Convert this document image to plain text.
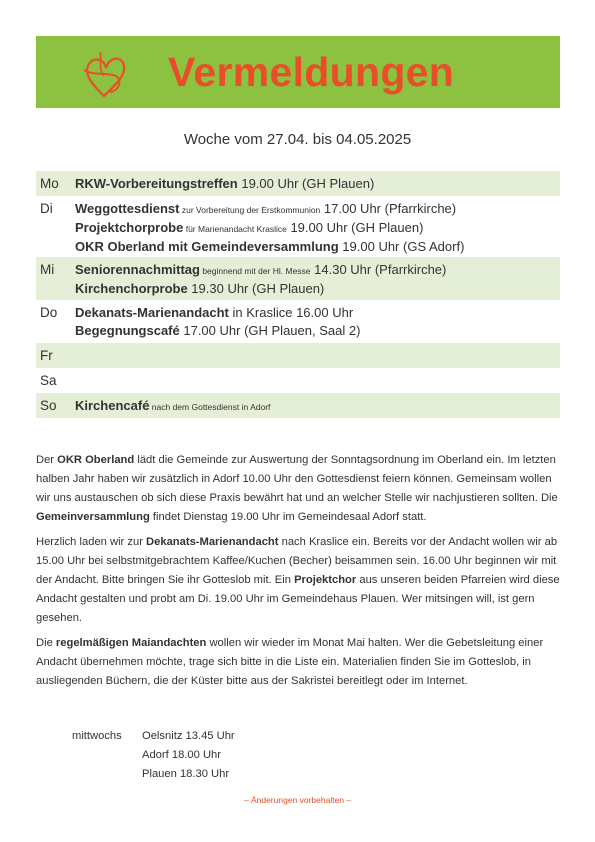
Vermeldungen
Woche vom 27.04. bis 04.05.2025
Mo	RKW-Vorbereitungstreffen 19.00 Uhr (GH Plauen)
Di	Weggottesdienst zur Vorbereitung der Erstkommunion 17.00 Uhr (Pfarrkirche)
Projektchorprobe für Marienandacht Kraslice 19.00 Uhr (GH Plauen)
OKR Oberland mit Gemeindeversammlung 19.00 Uhr (GS Adorf)
Mi	Seniorennachmittag beginnend mit der Hl. Messe 14.30 Uhr (Pfarrkirche)
Kirchenchorprobe 19.30 Uhr (GH Plauen)
Do	Dekanats-Marienandacht in Kraslice 16.00 Uhr
Begegnungscafé 17.00 Uhr (GH Plauen, Saal 2)
Fr
Sa
So	Kirchencafé nach dem Gottesdienst in Adorf

Der OKR Oberland lädt die Gemeinde zur Auswertung der Sonntagsordnung im Oberland ein. Im letzten halben Jahr haben wir zusätzlich in Adorf 10.00 Uhr den Gottesdienst feiern können. Gemeinsam wollen wir uns austauschen ob sich diese Praxis bewährt hat und an welcher Stelle wir nachjustieren sollten. Die Gemeinversammlung findet Dienstag 19.00 Uhr im Gemeindesaal Adorf statt.

Herzlich laden wir zur Dekanats-Marienandacht nach Kraslice ein. Bereits vor der Andacht wollen wir ab 15.00 Uhr bei selbstmitgebrachtem Kaffee/Kuchen (Becher) beisammen sein. 16.00 Uhr beginnen wir mit der Andacht. Bitte bringen Sie ihr Gotteslob mit. Ein Projektchor aus unseren beiden Pfarreien wird diese Andacht gestalten und probt am Di. 19.00 Uhr im Gemeindehaus Plauen. Wer mitsingen will, ist gern gesehen.

Die regelmäßigen Maiandachten wollen wir wieder im Monat Mai halten. Wer die Gebetsleitung einer Andacht übernehmen möchte, trage sich bitte in die Liste ein. Materialien finden Sie im Gotteslob, in ausliegenden Büchern, die der Küster bitte aus der Sakristei bereitlegt oder im Internet.

mittwochs Oelsnitz 13.45 Uhr
Adorf 18.00 Uhr
Plauen 18.30 Uhr
– Änderungen vorbehalten –
